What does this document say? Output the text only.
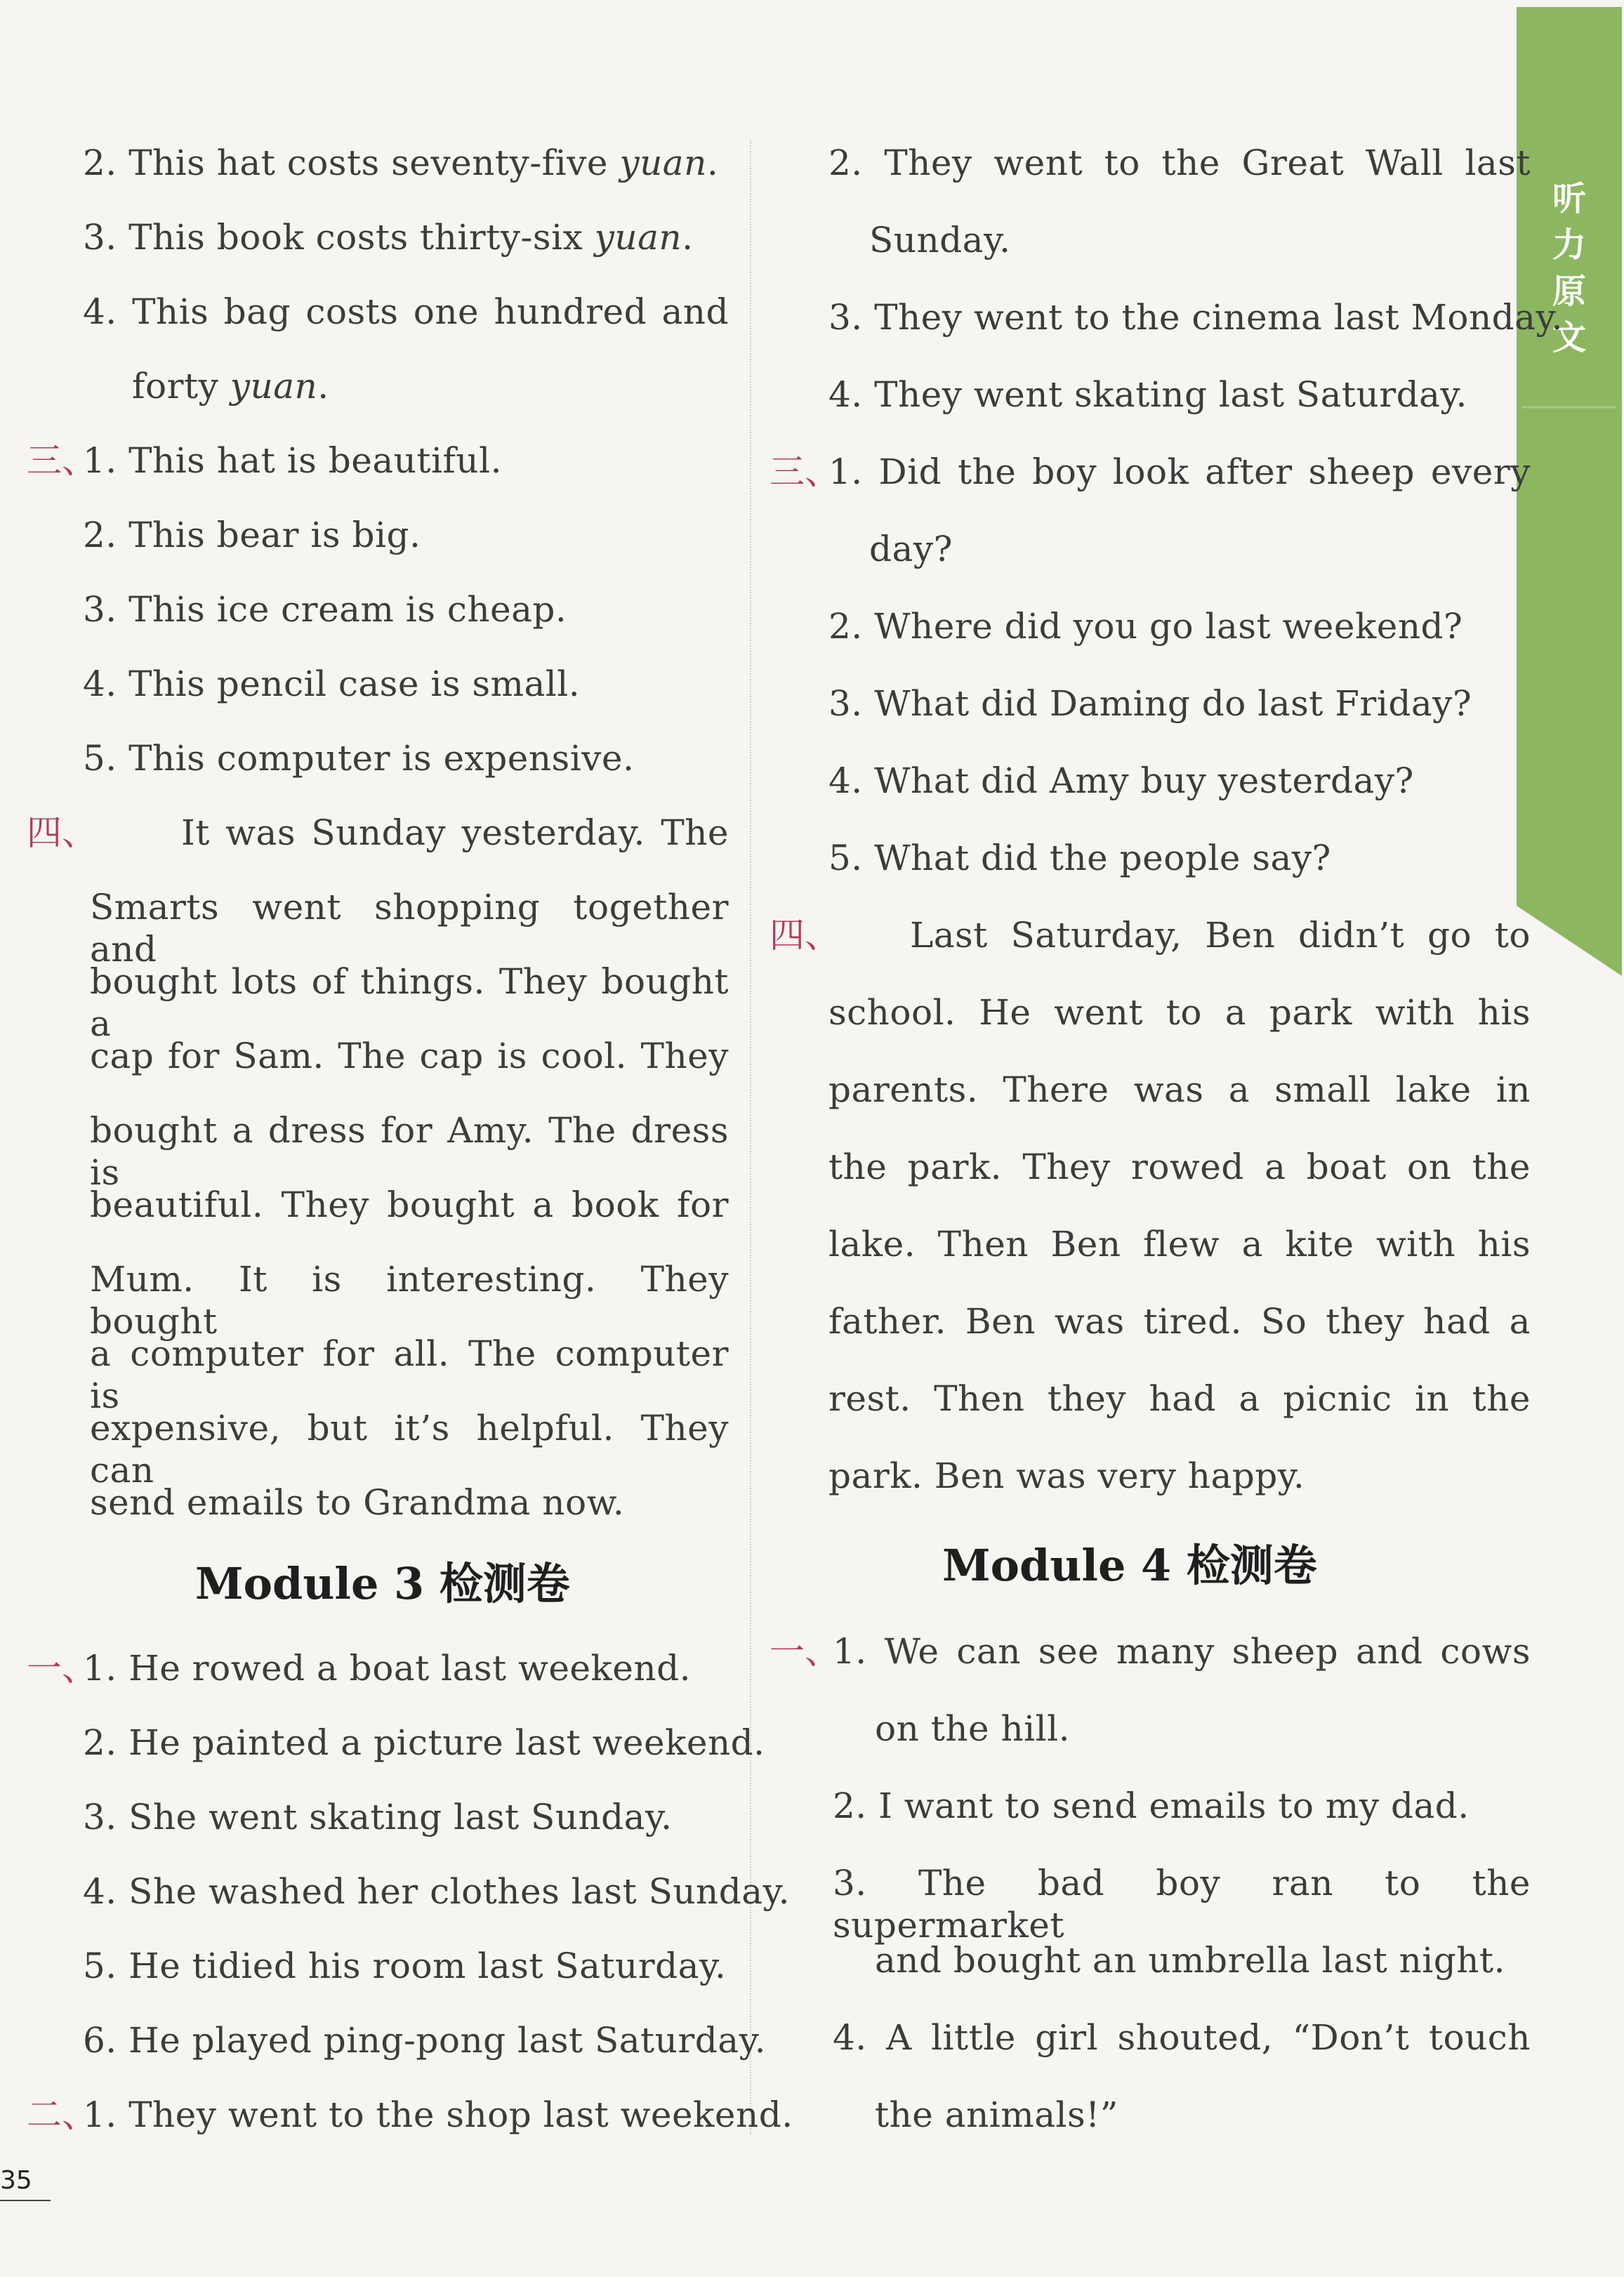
听
力
原
文
2. This hat costs seventy-five yuan.
3. This book costs thirty-six yuan.
4. This bag costs one hundred and
forty yuan.
三、
1. This hat is beautiful.
2. This bear is big.
3. This ice cream is cheap.
4. This pencil case is small.
5. This computer is expensive.
四、 It was Sunday yesterday. The
Smarts went shopping together and
bought lots of things. They bought a
cap for Sam. The cap is cool. They
bought a dress for Amy. The dress is
beautiful. They bought a book for
Mum. It is interesting. They bought
a computer for all. The computer is
expensive, but it’s helpful. They can
send emails to Grandma now.
Module 3 检测卷
一、
1. He rowed a boat last weekend.
2. He painted a picture last weekend.
3. She went skating last Sunday.
4. She washed her clothes last Sunday.
5. He tidied his room last Saturday.
6. He played ping-pong last Saturday.
二、
1. They went to the shop last weekend.
2. They went to the Great Wall last
Sunday.
3. They went to the cinema last Monday.
4. They went skating last Saturday.
三、
1. Did the boy look after sheep every
day?
2. Where did you go last weekend?
3. What did Daming do last Friday?
4. What did Amy buy yesterday?
5. What did the people say?
四、 Last Saturday, Ben didn’t go to
school. He went to a park with his
parents. There was a small lake in
the park. They rowed a boat on the
lake. Then Ben flew a kite with his
father. Ben was tired. So they had a
rest. Then they had a picnic in the
park. Ben was very happy.
Module 4 检测卷
一、
1. We can see many sheep and cows
on the hill.
2. I want to send emails to my dad.
3. The bad boy ran to the supermarket
and bought an umbrella last night.
4. A little girl shouted, “Don’t touch
the animals!”
35
